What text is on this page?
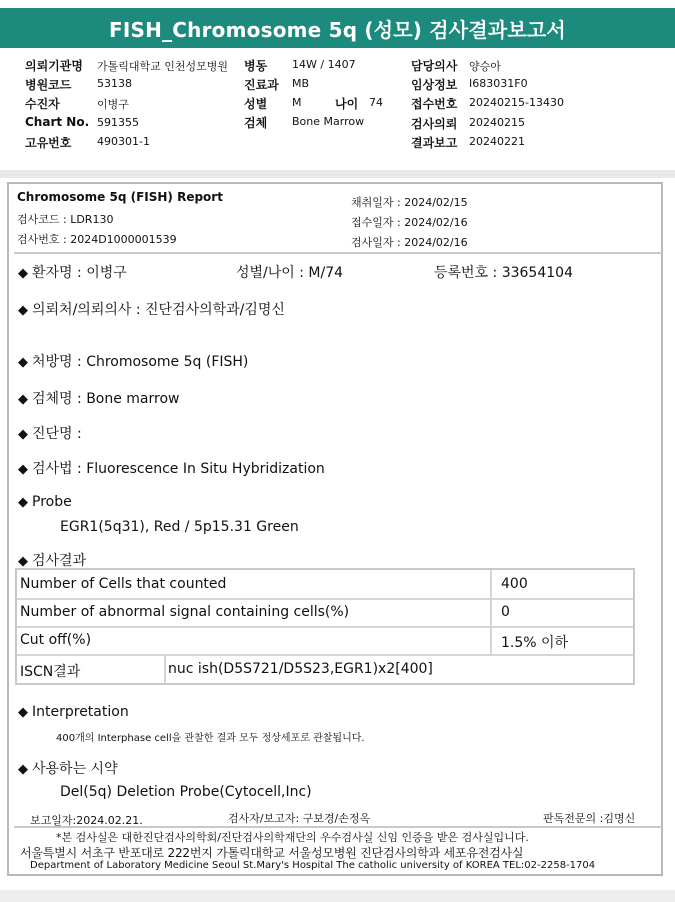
FISH_Chromosome 5q (성모) 검사결과보고서
의뢰기관명 가톨릭대학교 인천성모병원 병동 14W / 1407	담당의사 양승아
병원코드 53138	진료과 MB	임상정보 I683031F0
수진자	이병구	성별 M	나이 74 접수번호 20240215-13430
Chart No. 591355	검체 Bone Marrow	검사의뢰 20240215
고유번호 490301-1	결과보고 20240221
Chromosome 5q (FISH) Report
검사코드 : LDR130
검사번호 : 2024D1000001539
채취일자 : 2024/02/15
접수일자 : 2024/02/16
검사일자 : 2024/02/16
◆ 환자명 : 이병구	성별/나이 : M/74	등록번호 : 33654104
◆ 의뢰처/의뢰의사 : 진단검사의학과/김명신
◆ 처방명 : Chromosome 5q (FISH)
◆ 검체명 : Bone marrow
◆ 진단명 :
◆ 검사법 : Fluorescence In Situ Hybridization
◆ Probe
EGR1(5q31), Red / 5p15.31 Green
◆ 검사결과
Number of Cells that counted	400
Number of abnormal signal containing cells(%)	0
Cut off(%)	1.5% 이하
ISCN결과	nuc ish(D5S721/D5S23,EGR1)x2[400]
◆ Interpretation
400개의 Interphase cell을 관찰한 결과 모두 정상세포로 관찰됩니다.
◆ 사용하는 시약
Del(5q) Deletion Probe(Cytocell,Inc)
보고일자:2024.02.21.	검사자/보고자: 구보경/손정옥	판독전문의 :김명신
*본 검사실은 대한진단검사의학회/진단검사의학재단의 우수검사실 신임 인증을 받은 검사실입니다.
서울특별시 서초구 반포대로 222번지 가톨릭대학교 서울성모병원 진단검사의학과 세포유전검사실
Department of Laboratory Medicine Seoul St.Mary's Hospital The catholic university of KOREA TEL:02-2258-1704
